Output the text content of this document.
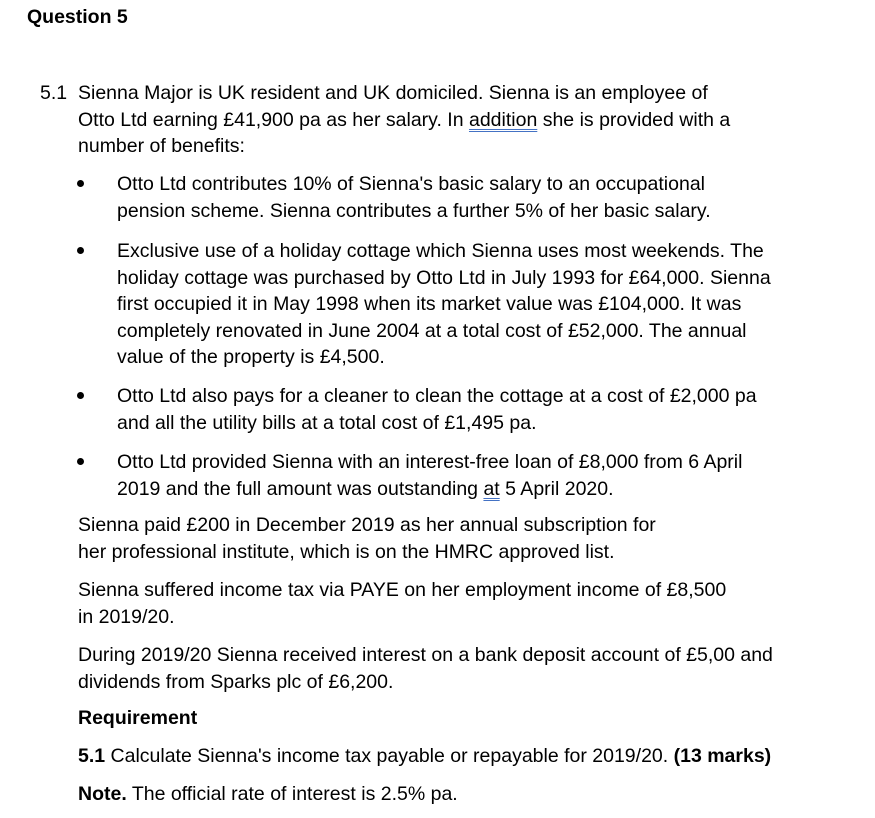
Question 5
5.1 Sienna Major is UK resident and UK domiciled. Sienna is an employee of
Otto Ltd earning £41,900 pa as her salary. In addition she is provided with a
number of benefits:
Otto Ltd contributes 10% of Sienna's basic salary to an occupational
pension scheme. Sienna contributes a further 5% of her basic salary.
Exclusive use of a holiday cottage which Sienna uses most weekends. The
holiday cottage was purchased by Otto Ltd in July 1993 for £64,000. Sienna
first occupied it in May 1998 when its market value was £104,000. It was
completely renovated in June 2004 at a total cost of £52,000. The annual
value of the property is £4,500.
Otto Ltd also pays for a cleaner to clean the cottage at a cost of £2,000 pa
and all the utility bills at a total cost of £1,495 pa.
Otto Ltd provided Sienna with an interest-free loan of £8,000 from 6 April
2019 and the full amount was outstanding at 5 April 2020.
Sienna paid £200 in December 2019 as her annual subscription for
her professional institute, which is on the HMRC approved list.
Sienna suffered income tax via PAYE on her employment income of £8,500
in 2019/20.
During 2019/20 Sienna received interest on a bank deposit account of £5,00 and
dividends from Sparks plc of £6,200.
Requirement
5.1 Calculate Sienna's income tax payable or repayable for 2019/20. (13 marks)
Note. The official rate of interest is 2.5% pa.
